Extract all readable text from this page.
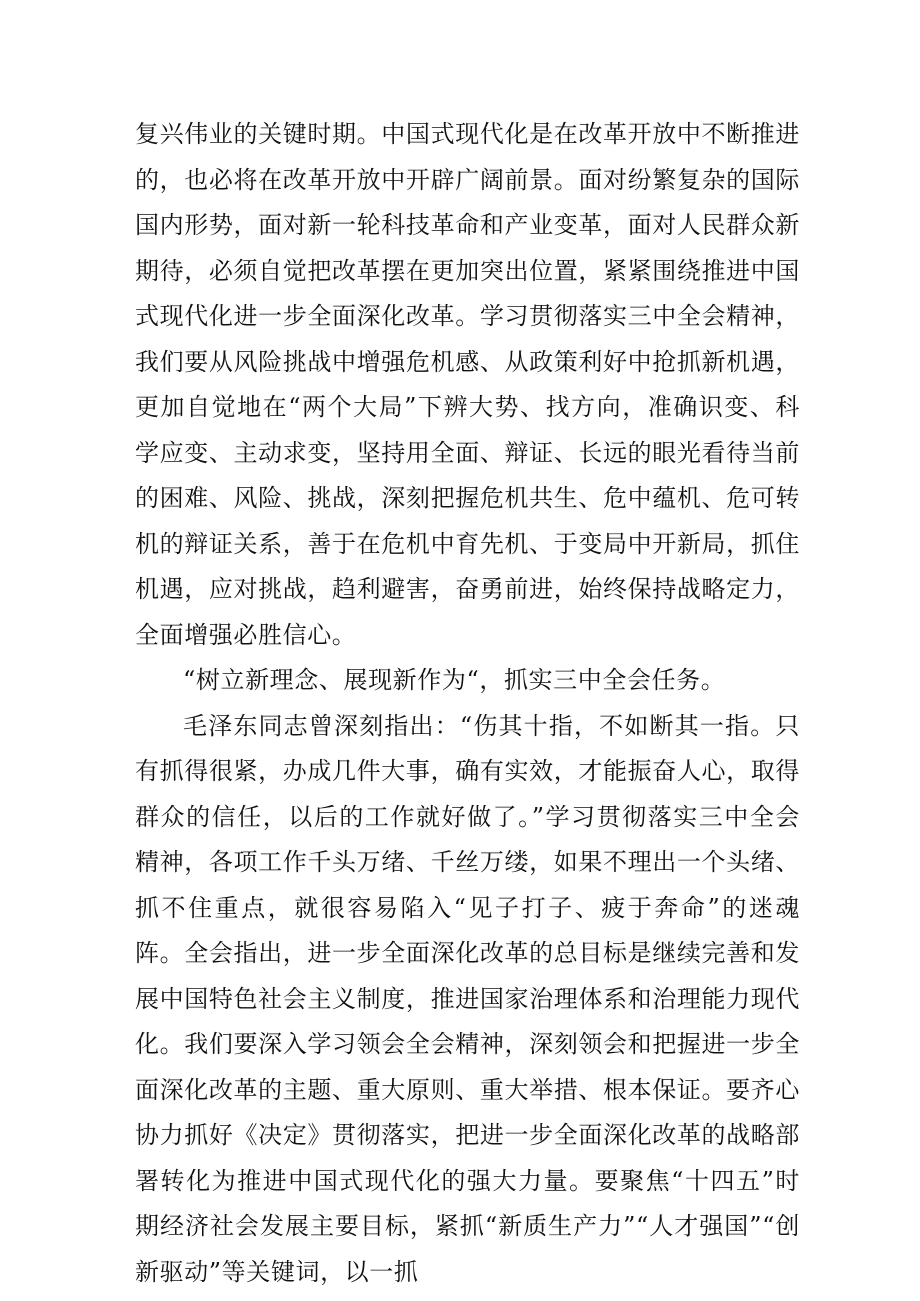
复兴伟业的关键时期。中国式现代化是在改革开放中不断推进的，也必将在改革开放中开辟广阔前景。面对纷繁复杂的国际国内形势，面对新一轮科技革命和产业变革，面对人民群众新期待，必须自觉把改革摆在更加突出位置，紧紧围绕推进中国式现代化进一步全面深化改革。学习贯彻落实三中全会精神，我们要从风险挑战中增强危机感、从政策利好中抢抓新机遇，更加自觉地在“两个大局”下辨大势、找方向，准确识变、科学应变、主动求变，坚持用全面、辩证、长远的眼光看待当前的困难、风险、挑战，深刻把握危机共生、危中蕴机、危可转机的辩证关系，善于在危机中育先机、于变局中开新局，抓住机遇，应对挑战，趋利避害，奋勇前进，始终保持战略定力，全面增强必胜信心。

“树立新理念、展现新作为“，抓实三中全会任务。

毛泽东同志曾深刻指出：“伤其十指，不如断其一指。只有抓得很紧，办成几件大事，确有实效，才能振奋人心，取得群众的信任，以后的工作就好做了。”学习贯彻落实三中全会精神，各项工作千头万绪、千丝万缕，如果不理出一个头绪、抓不住重点，就很容易陷入“见子打子、疲于奔命”的迷魂阵。全会指出，进一步全面深化改革的总目标是继续完善和发展中国特色社会主义制度，推进国家治理体系和治理能力现代化。我们要深入学习领会全会精神，深刻领会和把握进一步全面深化改革的主题、重大原则、重大举措、根本保证。要齐心协力抓好《决定》贯彻落实，把进一步全面深化改革的战略部署转化为推进中国式现代化的强大力量。要聚焦“十四五”时期经济社会发展主要目标，紧抓“新质生产力”“人才强国”“创新驱动”等关键词，以一抓
